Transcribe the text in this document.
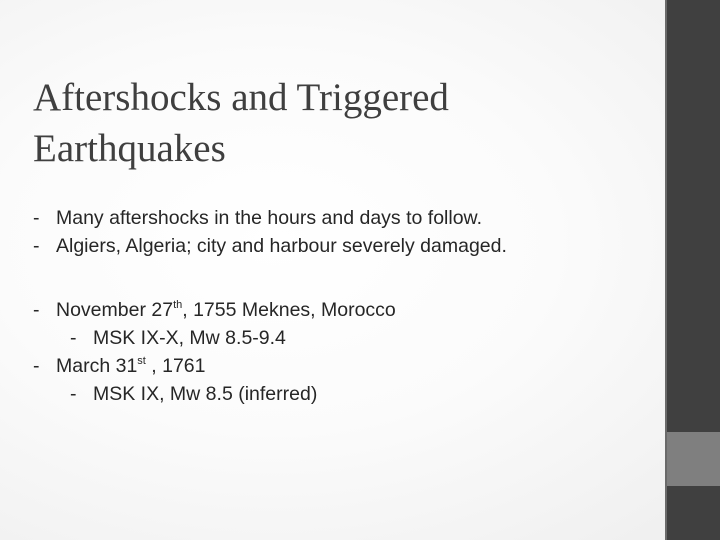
Aftershocks and Triggered
Earthquakes
- Many aftershocks in the hours and days to follow.
- Algiers, Algeria; city and harbour severely damaged.
- November 27th, 1755 Meknes, Morocco
- MSK IX-X, Mw 8.5-9.4
- March 31st , 1761
- MSK IX, Mw 8.5 (inferred)
